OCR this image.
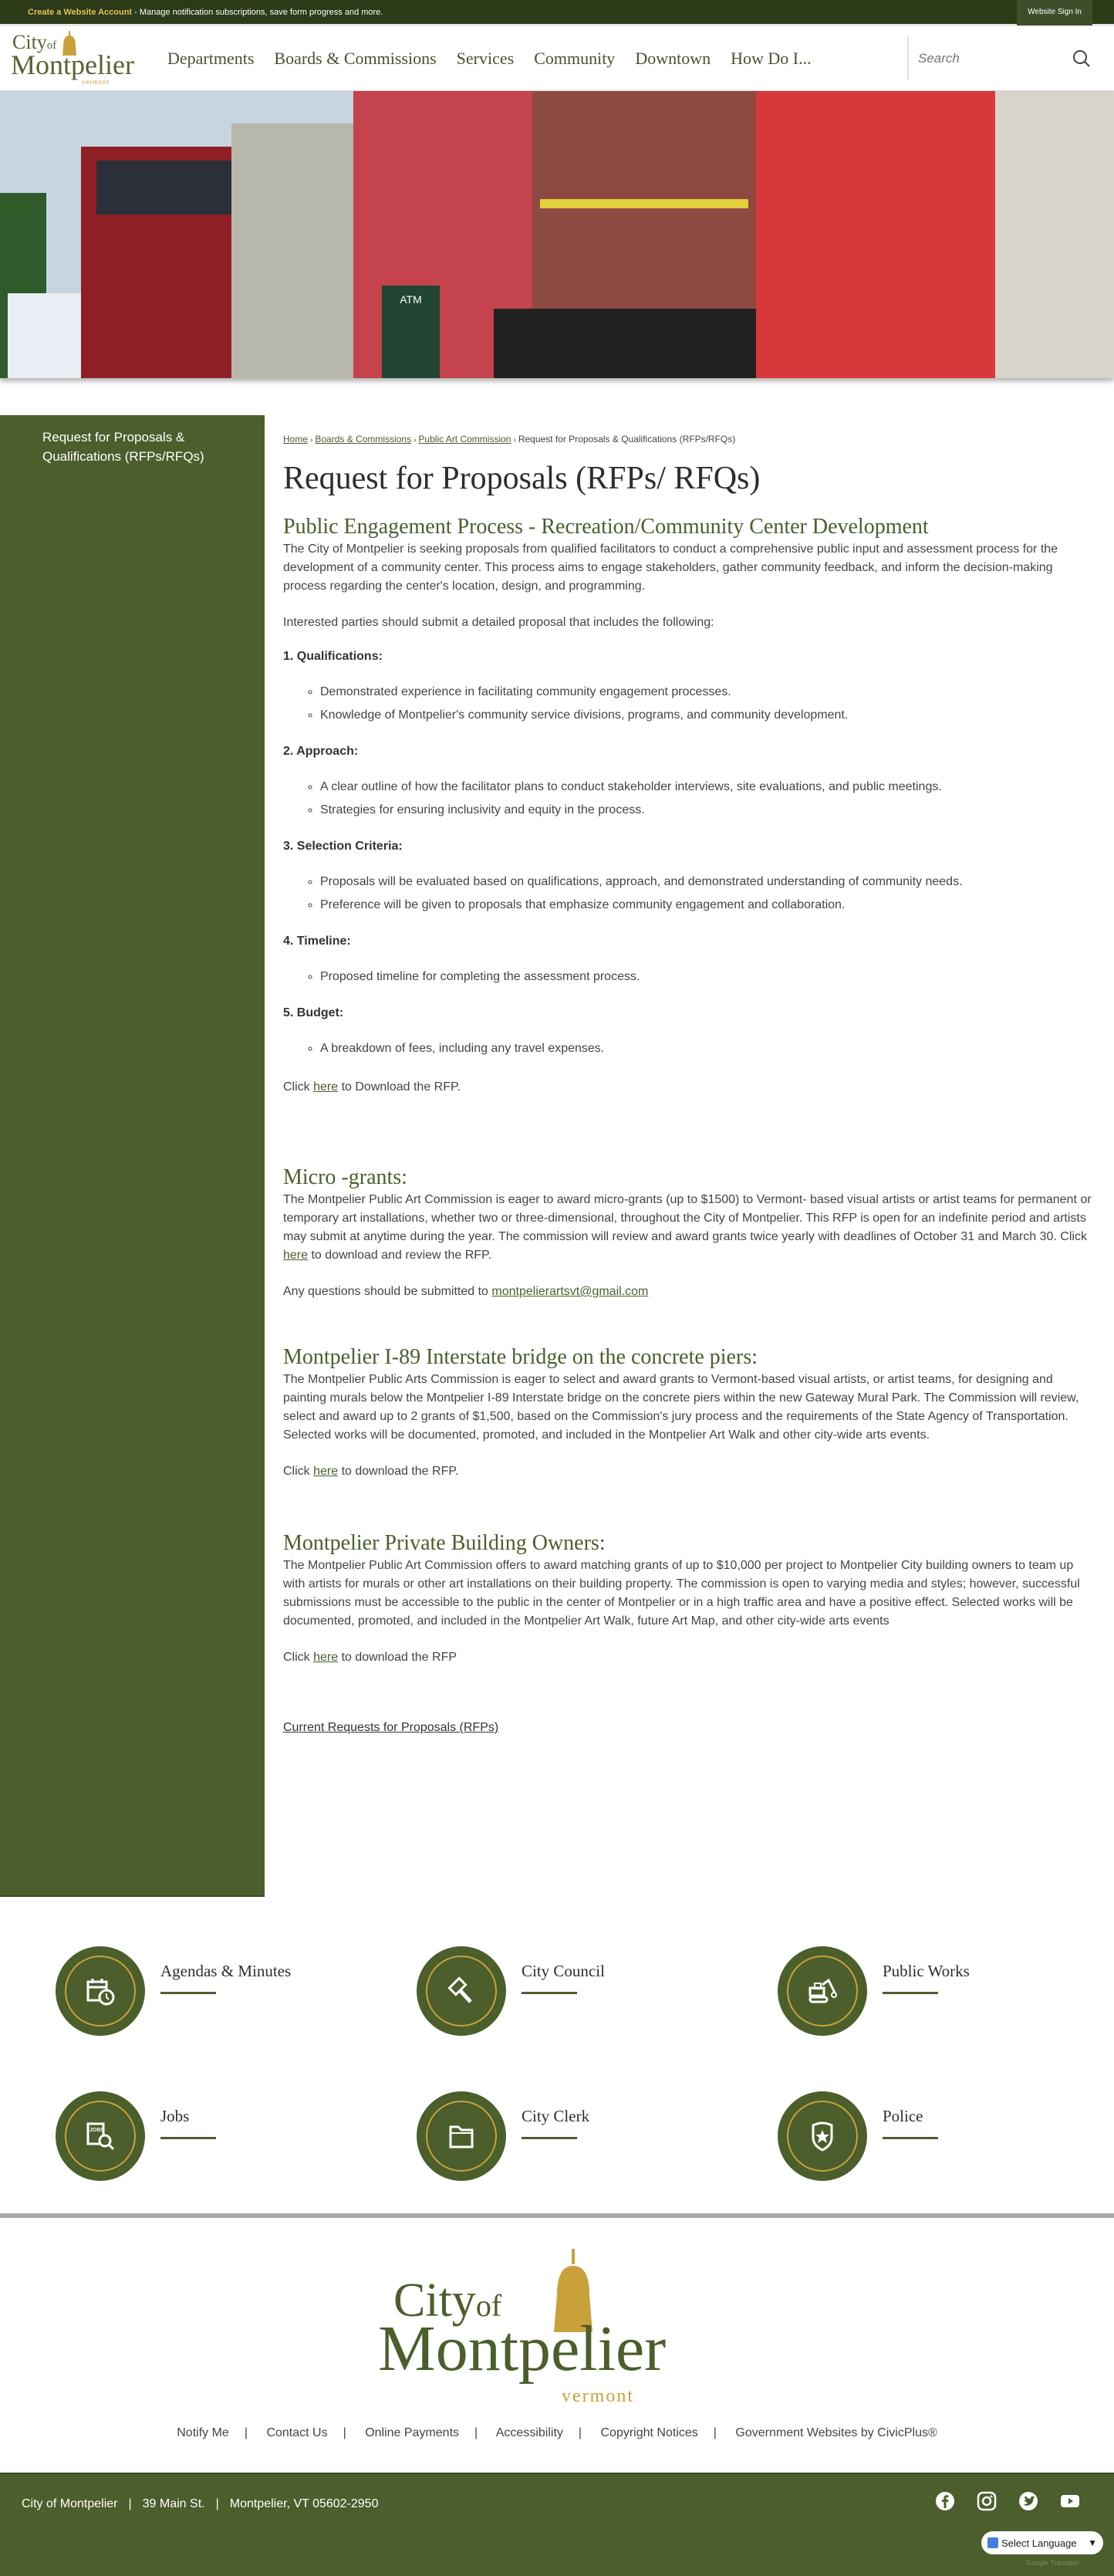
Create a Website Account - Manage notification subscriptions, save form progress and more.	Website Sign In
Cityof
Montpelier
vermont
Departments Boards & Commissions Services Community Downtown How Do I...
Search
ATM
Request for Proposals & Qualifications (RFPs/RFQs)
Home › Boards & Commissions › Public Art Commission › Request for Proposals & Qualifications (RFPs/RFQs)
Request for Proposals (RFPs/ RFQs)
Public Engagement Process - Recreation/Community Center Development

The City of Montpelier is seeking proposals from qualified facilitators to conduct a comprehensive public input and assessment process for the development of a community center. This process aims to engage stakeholders, gather community feedback, and inform the decision-making process regarding the center's location, design, and programming.

Interested parties should submit a detailed proposal that includes the following:

1. Qualifications:
◦ Demonstrated experience in facilitating community engagement processes.
◦ Knowledge of Montpelier's community service divisions, programs, and community development.
2. Approach:
◦ A clear outline of how the facilitator plans to conduct stakeholder interviews, site evaluations, and public meetings.
◦ Strategies for ensuring inclusivity and equity in the process.
3. Selection Criteria:
◦ Proposals will be evaluated based on qualifications, approach, and demonstrated understanding of community needs.
◦ Preference will be given to proposals that emphasize community engagement and collaboration.
4. Timeline:
◦ Proposed timeline for completing the assessment process.
5. Budget:
◦ A breakdown of fees, including any travel expenses.

Click here to Download the RFP.

Micro -grants:

The Montpelier Public Art Commission is eager to award micro-grants (up to $1500) to Vermont- based visual artists or artist teams for permanent or temporary art installations, whether two or three-dimensional, throughout the City of Montpelier. This RFP is open for an indefinite period and artists may submit at anytime during the year. The commission will review and award grants twice yearly with deadlines of October 31 and March 30. Click here to download and review the RFP.

Any questions should be submitted to montpelierartsvt@gmail.com

Montpelier I-89 Interstate bridge on the concrete piers:

The Montpelier Public Arts Commission is eager to select and award grants to Vermont-based visual artists, or artist teams, for designing and painting murals below the Montpelier I-89 Interstate bridge on the concrete piers within the new Gateway Mural Park. The Commission will review, select and award up to 2 grants of $1,500, based on the Commission's jury process and the requirements of the State Agency of Transportation. Selected works will be documented, promoted, and included in the Montpelier Art Walk and other city-wide arts events.

Click here to download the RFP.

Montpelier Private Building Owners:

The Montpelier Public Art Commission offers to award matching grants of up to $10,000 per project to Montpelier City building owners to team up with artists for murals or other art installations on their building property. The commission is open to varying media and styles; however, successful submissions must be accessible to the public in the center of Montpelier or in a high traffic area and have a positive effect. Selected works will be documented, promoted, and included in the Montpelier Art Walk, future Art Map, and other city-wide arts events

Click here to download the RFP

Current Requests for Proposals (RFPs)
Agendas & Minutes	City Council	Public Works
JOBS
Jobs	City Clerk	Police
Cityof
Montpelier
vermont
Notify Me | Contact Us | Online Payments | Accessibility | Copyright Notices | Government Websites by CivicPlus®
City of Montpelier | 39 Main St. | Montpelier, VT 05602-2950
Select Language ▼
Google Translate
